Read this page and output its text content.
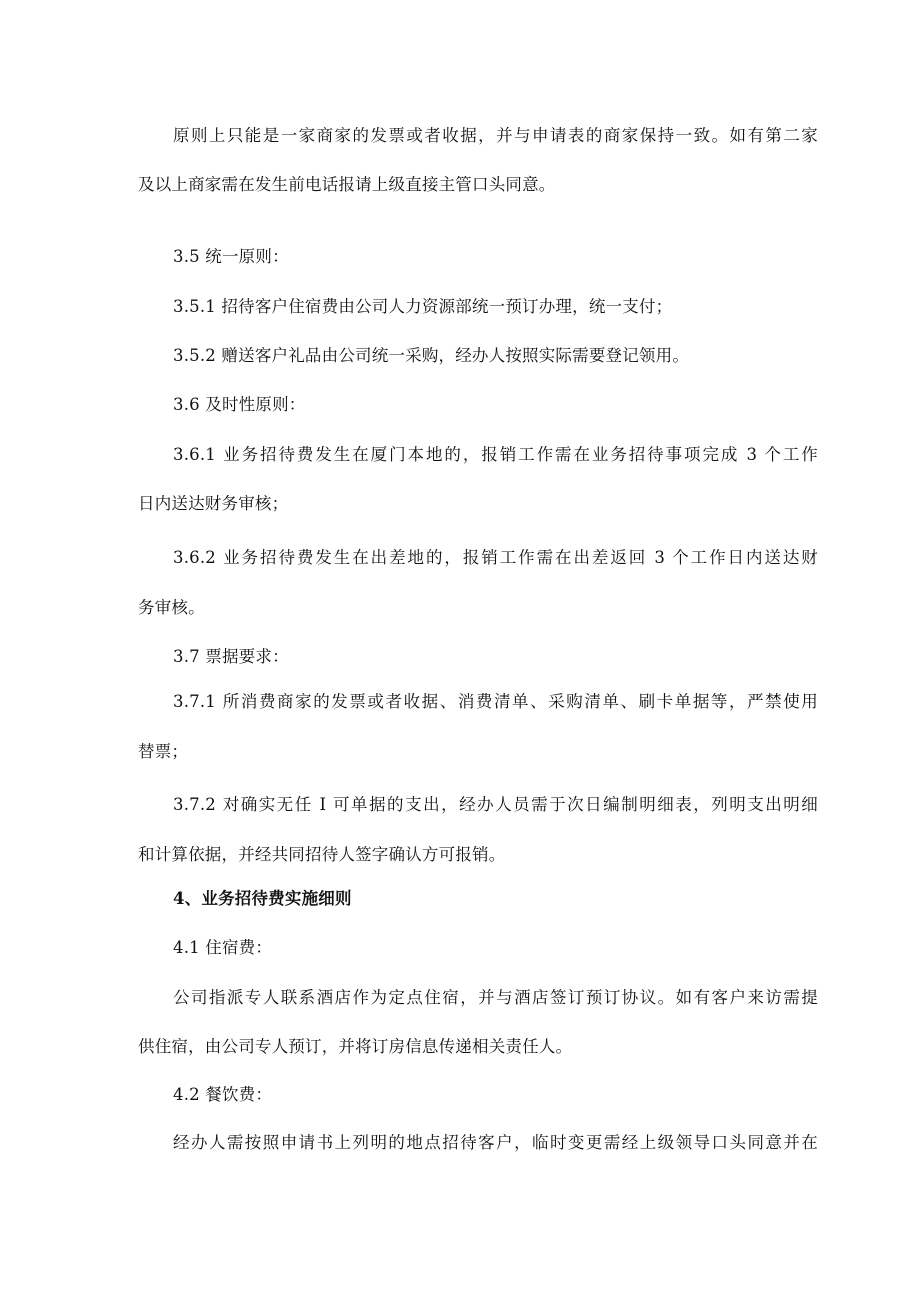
原则上只能是一家商家的发票或者收据，并与申请表的商家保持一致。如有第二家
及以上商家需在发生前电话报请上级直接主管口头同意。
3.5 统一原则：
3.5.1 招待客户住宿费由公司人力资源部统一预订办理，统一支付；
3.5.2 赠送客户礼品由公司统一采购，经办人按照实际需要登记领用。
3.6 及时性原则：
3.6.1 业务招待费发生在厦门本地的，报销工作需在业务招待事项完成 3 个工作
日内送达财务审核；
3.6.2 业务招待费发生在出差地的，报销工作需在出差返回 3 个工作日内送达财
务审核。
3.7 票据要求：
3.7.1 所消费商家的发票或者收据、消费清单、采购清单、刷卡单据等，严禁使用
替票；
3.7.2 对确实无任 I 可单据的支出，经办人员需于次日编制明细表，列明支出明细
和计算依据，并经共同招待人签字确认方可报销。
4、业务招待费实施细则
4.1 住宿费：
公司指派专人联系酒店作为定点住宿，并与酒店签订预订协议。如有客户来访需提
供住宿，由公司专人预订，并将订房信息传递相关责任人。
4.2 餐饮费：
经办人需按照申请书上列明的地点招待客户，临时变更需经上级领导口头同意并在
